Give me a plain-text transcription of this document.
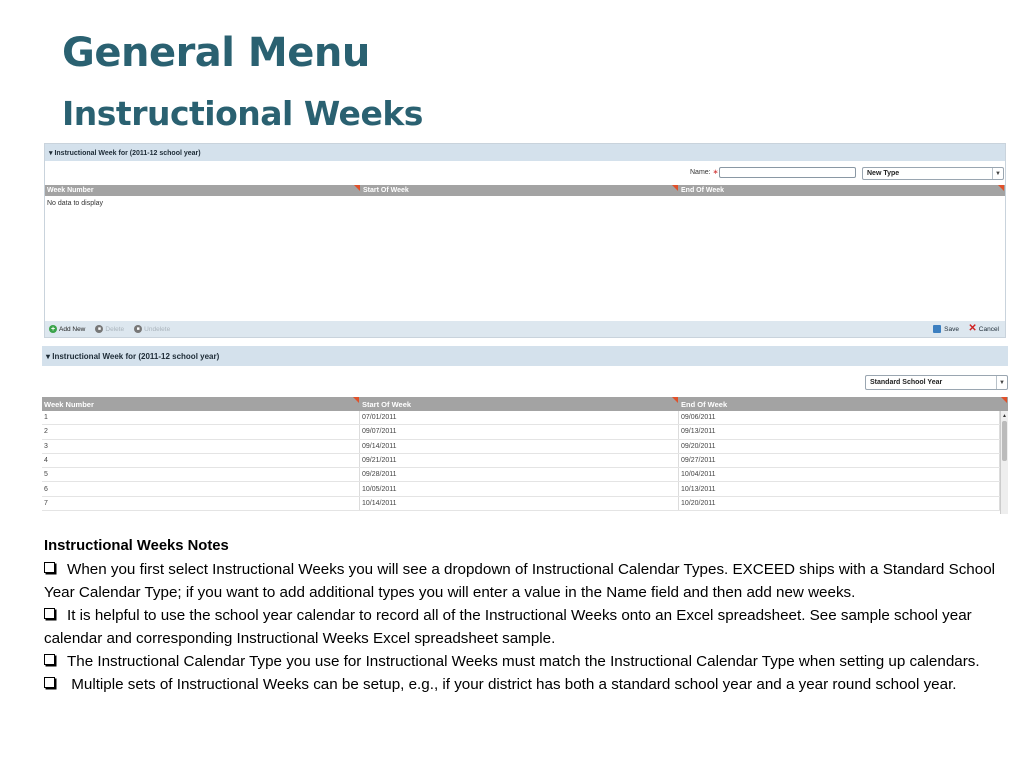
General Menu
Instructional Weeks
▾ Instructional Week for (2011-12 school year)
Name: ∗	New Type	▼
Week Number	Start Of Week	End Of Week
No data to display
+ Add New	■ Delete	■ Undelete	Save ✕ Cancel
▾ Instructional Week for (2011-12 school year)
Standard School Year	▼
Week Number	Start Of Week	End Of Week
1	07/01/2011	09/06/2011
2	09/07/2011	09/13/2011
3	09/14/2011	09/20/2011
4	09/21/2011	09/27/2011
5	09/28/2011	10/04/2011
6	10/05/2011	10/13/2011
7	10/14/2011	10/20/2011
▲

Instructional Weeks Notes

When you first select Instructional Weeks you will see a dropdown of Instructional Calendar Types. EXCEED ships with a Standard School Year Calendar Type; if you want to add additional types you will enter a value in the Name field and then add new weeks.

It is helpful to use the school year calendar to record all of the Instructional Weeks onto an Excel spreadsheet. See sample school year calendar and corresponding Instructional Weeks Excel spreadsheet sample.

The Instructional Calendar Type you use for Instructional Weeks must match the Instructional Calendar Type when setting up calendars.

Multiple sets of Instructional Weeks can be setup, e.g., if your district has both a standard school year and a year round school year.
